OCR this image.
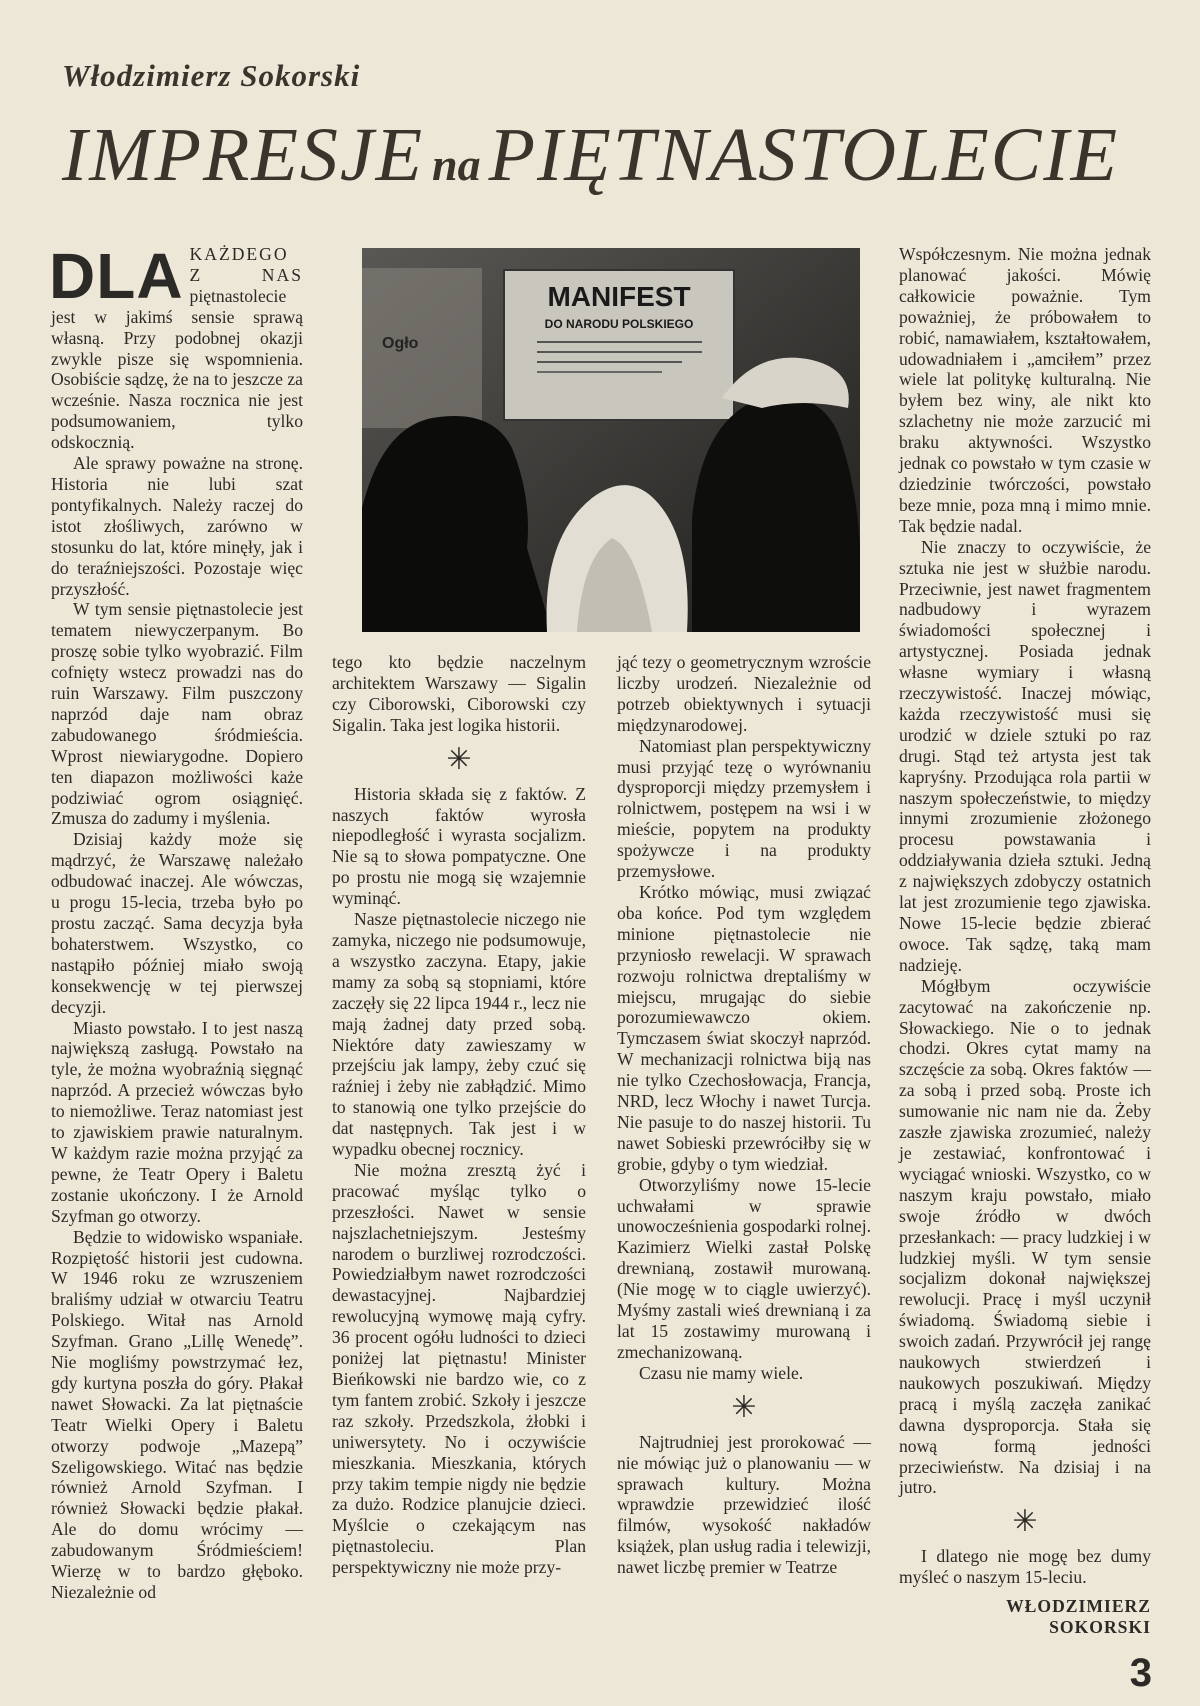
Włodzimierz Sokorski
IMPRESJE na PIĘTNASTOLECIE

DLA KAŻDEGO Z NAS piętnastolecie jest w jakimś sensie sprawą własną. Przy podobnej okazji zwykle pisze się wspomnienia. Osobiście sądzę, że na to jeszcze za wcześnie. Nasza rocznica nie jest podsumowaniem, tylko odskocznią.

Ale sprawy poważne na stronę. Historia nie lubi szat pontyfikalnych. Należy raczej do istot złośliwych, zarówno w stosunku do lat, które minęły, jak i do teraźniejszości. Pozostaje więc przyszłość.

W tym sensie piętnastolecie jest tematem niewyczerpanym. Bo proszę sobie tylko wyobrazić. Film cofnięty wstecz prowadzi nas do ruin Warszawy. Film puszczony naprzód daje nam obraz zabudowanego śródmieścia. Wprost niewiarygodne. Dopiero ten diapazon możliwości każe podziwiać ogrom osiągnięć. Zmusza do zadumy i myślenia.

Dzisiaj każdy może się mądrzyć, że Warszawę należało odbudować inaczej. Ale wówczas, u progu 15-lecia, trzeba było po prostu zacząć. Sama decyzja była bohaterstwem. Wszystko, co nastąpiło później miało swoją konsekwencję w tej pierwszej decyzji.

Miasto powstało. I to jest naszą największą zasługą. Powstało na tyle, że można wyobraźnią sięgnąć naprzód. A przecież wówczas było to niemożliwe. Teraz natomiast jest to zjawiskiem prawie naturalnym. W każdym razie można przyjąć za pewne, że Teatr Opery i Baletu zostanie ukończony. I że Arnold Szyfman go otworzy.

Będzie to widowisko wspaniałe. Rozpiętość historii jest cudowna. W 1946 roku ze wzruszeniem braliśmy udział w otwarciu Teatru Polskiego. Witał nas Arnold Szyfman. Grano „Lillę Wenedę”. Nie mogliśmy powstrzymać łez, gdy kurtyna poszła do góry. Płakał nawet Słowacki. Za lat piętnaście Teatr Wielki Opery i Baletu otworzy podwoje „Mazepą” Szeligowskiego. Witać nas będzie również Arnold Szyfman. I również Słowacki będzie płakał. Ale do domu wrócimy — zabudowanym Śródmieściem! Wierzę w to bardzo głęboko. Niezależnie od

Ogło
MANIFEST
DO NARODU POLSKIEGO

tego kto będzie naczelnym architektem Warszawy — Sigalin czy Ciborowski, Ciborowski czy Sigalin. Taka jest logika historii.

✳

Historia składa się z faktów. Z naszych faktów wyrosła niepodległość i wyrasta socjalizm. Nie są to słowa pompatyczne. One po prostu nie mogą się wzajemnie wyminąć.

Nasze piętnastolecie niczego nie zamyka, niczego nie podsumowuje, a wszystko zaczyna. Etapy, jakie mamy za sobą są stopniami, które zaczęły się 22 lipca 1944 r., lecz nie mają żadnej daty przed sobą. Niektóre daty zawieszamy w przejściu jak lampy, żeby czuć się raźniej i żeby nie zabłądzić. Mimo to stanowią one tylko przejście do dat następnych. Tak jest i w wypadku obecnej rocznicy.

Nie można zresztą żyć i pracować myśląc tylko o przeszłości. Nawet w sensie najszlachetniejszym. Jesteśmy narodem o burzliwej rozrodczości. Powiedziałbym nawet rozrodczości dewastacyjnej. Najbardziej rewolucyjną wymowę mają cyfry. 36 procent ogółu ludności to dzieci poniżej lat piętnastu! Minister Bieńkowski nie bardzo wie, co z tym fantem zrobić. Szkoły i jeszcze raz szkoły. Przedszkola, żłobki i uniwersytety. No i oczywiście mieszkania. Mieszkania, których przy takim tempie nigdy nie będzie za dużo. Rodzice planujcie dzieci. Myślcie o czekającym nas piętnastoleciu. Plan perspektywiczny nie może przy-

jąć tezy o geometrycznym wzroście liczby urodzeń. Niezależnie od potrzeb obiektywnych i sytuacji międzynarodowej.

Natomiast plan perspektywiczny musi przyjąć tezę o wyrównaniu dysproporcji między przemysłem i rolnictwem, postępem na wsi i w mieście, popytem na produkty spożywcze i na produkty przemysłowe.

Krótko mówiąc, musi związać oba końce. Pod tym względem minione piętnastolecie nie przyniosło rewelacji. W sprawach rozwoju rolnictwa dreptaliśmy w miejscu, mrugając do siebie porozumiewawczo okiem. Tymczasem świat skoczył naprzód. W mechanizacji rolnictwa biją nas nie tylko Czechosłowacja, Francja, NRD, lecz Włochy i nawet Turcja. Nie pasuje to do naszej historii. Tu nawet Sobieski przewróciłby się w grobie, gdyby o tym wiedział.

Otworzyliśmy nowe 15-lecie uchwałami w sprawie unowocześnienia gospodarki rolnej. Kazimierz Wielki zastał Polskę drewnianą, zostawił murowaną. (Nie mogę w to ciągle uwierzyć). Myśmy zastali wieś drewnianą i za lat 15 zostawimy murowaną i zmechanizowaną.

Czasu nie mamy wiele.

✳

Najtrudniej jest prorokować — nie mówiąc już o planowaniu — w sprawach kultury. Można wprawdzie przewidzieć ilość filmów, wysokość nakładów książek, plan usług radia i telewizji, nawet liczbę premier w Teatrze

Współczesnym. Nie można jednak planować jakości. Mówię całkowicie poważnie. Tym poważniej, że próbowałem to robić, namawiałem, kształtowałem, udowadniałem i „amciłem” przez wiele lat politykę kulturalną. Nie byłem bez winy, ale nikt kto szlachetny nie może zarzucić mi braku aktywności. Wszystko jednak co powstało w tym czasie w dziedzinie twórczości, powstało beze mnie, poza mną i mimo mnie. Tak będzie nadal.

Nie znaczy to oczywiście, że sztuka nie jest w służbie narodu. Przeciwnie, jest nawet fragmentem nadbudowy i wyrazem świadomości społecznej i artystycznej. Posiada jednak własne wymiary i własną rzeczywistość. Inaczej mówiąc, każda rzeczywistość musi się urodzić w dziele sztuki po raz drugi. Stąd też artysta jest tak kapryśny. Przodująca rola partii w naszym społeczeństwie, to między innymi zrozumienie złożonego procesu powstawania i oddziaływania dzieła sztuki. Jedną z największych zdobyczy ostatnich lat jest zrozumienie tego zjawiska. Nowe 15-lecie będzie zbierać owoce. Tak sądzę, taką mam nadzieję.

Mógłbym oczywiście zacytować na zakończenie np. Słowackiego. Nie o to jednak chodzi. Okres cytat mamy na szczęście za sobą. Okres faktów — za sobą i przed sobą. Proste ich sumowanie nic nam nie da. Żeby zaszłe zjawiska zrozumieć, należy je zestawiać, konfrontować i wyciągać wnioski. Wszystko, co w naszym kraju powstało, miało swoje źródło w dwóch przesłankach: — pracy ludzkiej i w ludzkiej myśli. W tym sensie socjalizm dokonał największej rewolucji. Pracę i myśl uczynił świadomą. Świadomą siebie i swoich zadań. Przywrócił jej rangę naukowych stwierdzeń i naukowych poszukiwań. Między pracą i myślą zaczęła zanikać dawna dysproporcja. Stała się nową formą jedności przeciwieństw. Na dzisiaj i na jutro.

✳

I dlatego nie mogę bez dumy myśleć o naszym 15-leciu.

WŁODZIMIERZ SOKORSKI

3
